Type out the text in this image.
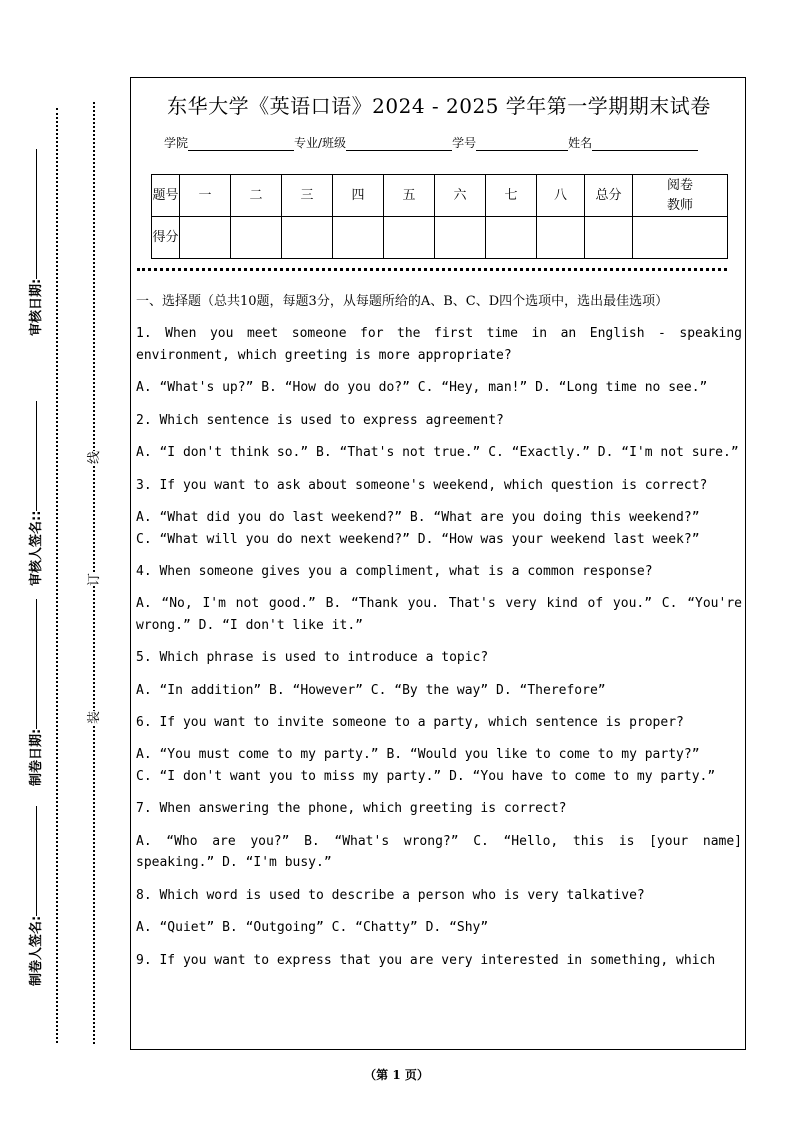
审核日期:
审核人签名::
制卷日期:
制卷人签名:
线
订
装
东华大学《英语口语》2024 - 2025 学年第一学期期末试卷
学院	专业/班级	学号	姓名
题号	一	二	三	四	五	六	七	八	总分	阅卷教师
得分										
一、选择题（总共10题，每题3分，从每题所给的A、B、C、D四个选项中，选出最佳选项）
1. When you meet someone for the first time in an English - speaking environment, which greeting is more appropriate?
A. “What's up?” B. “How do you do?” C. “Hey, man!” D. “Long time no see.”
2. Which sentence is used to express agreement?
A. “I don't think so.” B. “That's not true.” C. “Exactly.” D. “I'm not sure.”
3. If you want to ask about someone's weekend, which question is correct?
A. “What did you do last weekend?” B. “What are you doing this weekend?”
C. “What will you do next weekend?” D. “How was your weekend last week?”
4. When someone gives you a compliment, what is a common response?
A. “No, I'm not good.” B. “Thank you. That's very kind of you.” C. “You're wrong.” D. “I don't like it.”
5. Which phrase is used to introduce a topic?
A. “In addition” B. “However” C. “By the way” D. “Therefore”
6. If you want to invite someone to a party, which sentence is proper?
A. “You must come to my party.” B. “Would you like to come to my party?”
C. “I don't want you to miss my party.” D. “You have to come to my party.”
7. When answering the phone, which greeting is correct?
A. “Who are you?” B. “What's wrong?” C. “Hello, this is [your name] speaking.” D. “I'm busy.”
8. Which word is used to describe a person who is very talkative?
A. “Quiet” B. “Outgoing” C. “Chatty” D. “Shy”
9. If you want to express that you are very interested in something, which
（第 1 页）
